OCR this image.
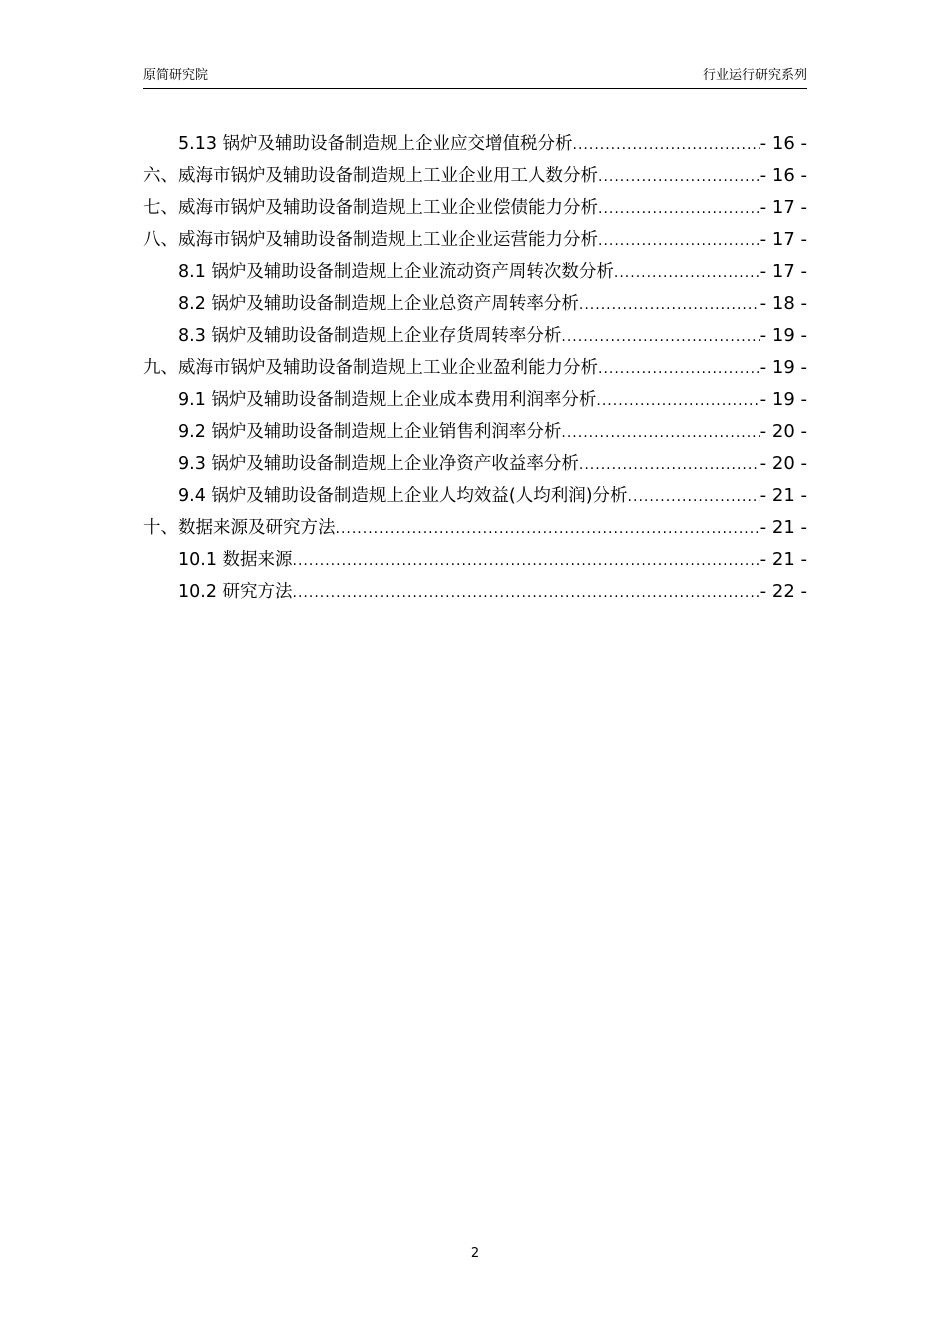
原简研究院	行业运行研究系列
5.13 锅炉及辅助设备制造规上企业应交增值税分析 .....	- 16 -
六、威海市锅炉及辅助设备制造规上工业企业用工人数分析 .....	- 16 -
七、威海市锅炉及辅助设备制造规上工业企业偿债能力分析 .....	- 17 -
八、威海市锅炉及辅助设备制造规上工业企业运营能力分析 .....	- 17 -
8.1 锅炉及辅助设备制造规上企业流动资产周转次数分析 .....	- 17 -
8.2 锅炉及辅助设备制造规上企业总资产周转率分析 .....	- 18 -
8.3 锅炉及辅助设备制造规上企业存货周转率分析 .....	- 19 -
九、威海市锅炉及辅助设备制造规上工业企业盈利能力分析 .....	- 19 -
9.1 锅炉及辅助设备制造规上企业成本费用利润率分析 .....	- 19 -
9.2 锅炉及辅助设备制造规上企业销售利润率分析 .....	- 20 -
9.3 锅炉及辅助设备制造规上企业净资产收益率分析 .....	- 20 -
9.4 锅炉及辅助设备制造规上企业人均效益(人均利润)分析 .....	- 21 -
十、数据来源及研究方法 .....	- 21 -
10.1 数据来源 .....	- 21 -
10.2 研究方法 .....	- 22 -
2
